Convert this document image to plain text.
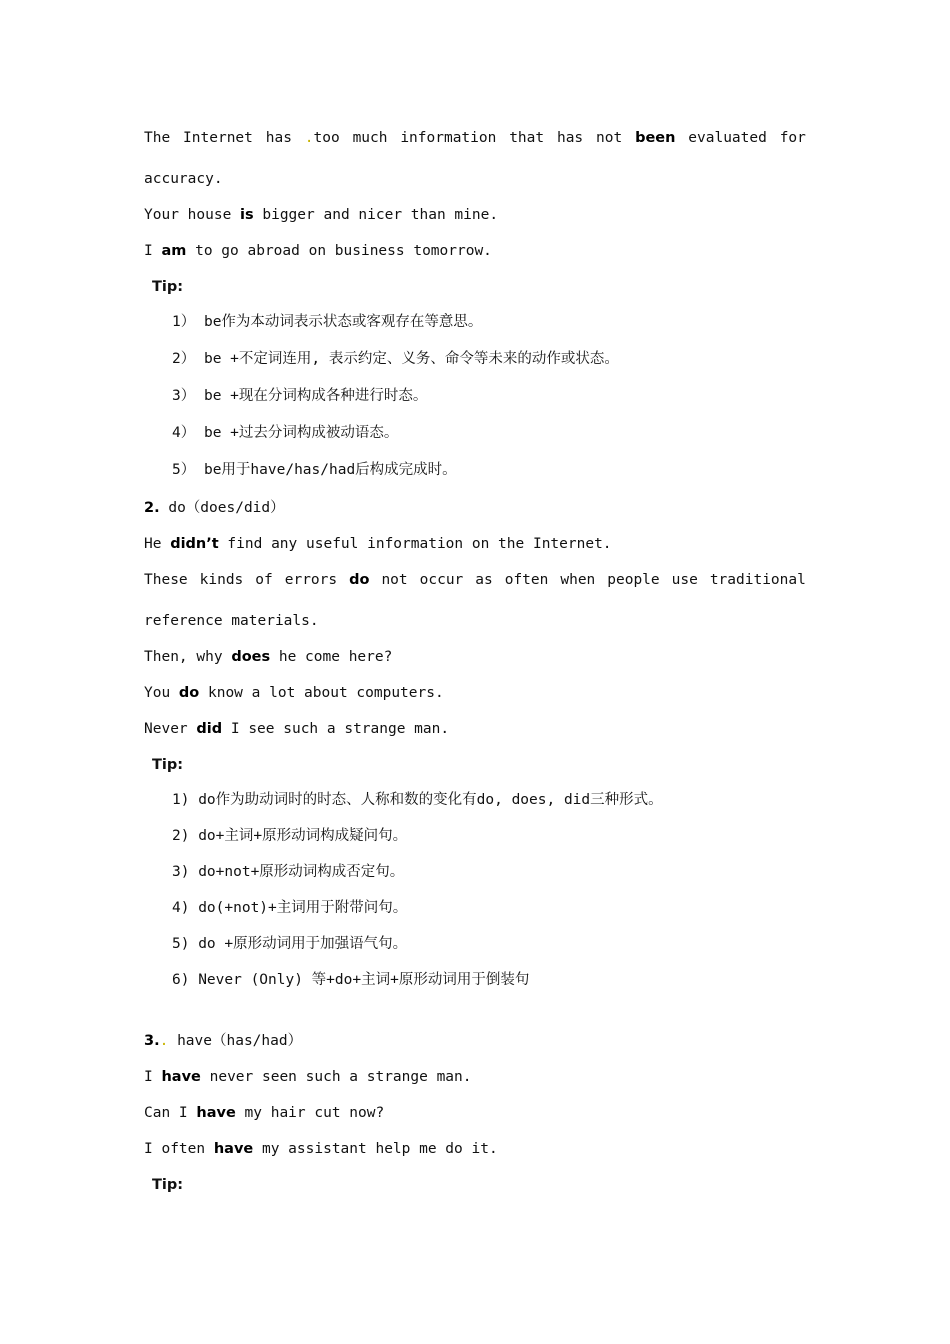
The Internet has .too much information that has not been evaluated for
accuracy.
Your house is bigger and nicer than mine.
I am to go abroad on business tomorrow.
Tip:
1） be作为本动词表示状态或客观存在等意思。
2） be +不定词连用, 表示约定、义务、命令等未来的动作或状态。
3） be +现在分词构成各种进行时态。
4） be +过去分词构成被动语态。
5） be用于have/has/had后构成完成时。
2. do（does/did）
He didn’t find any useful information on the Internet.
These kinds of errors do not occur as often when people use traditional
reference materials.
Then, why does he come here?
You do know a lot about computers.
Never did I see such a strange man.
Tip:
1) do作为助动词时的时态、人称和数的变化有do, does, did三种形式。
2) do+主词+原形动词构成疑问句。
3) do+not+原形动词构成否定句。
4) do(+not)+主词用于附带问句。
5) do +原形动词用于加强语气句。
6) Never (Only) 等+do+主词+原形动词用于倒装句
3.. have（has/had）
I have never seen such a strange man.
Can I have my hair cut now?
I often have my assistant help me do it.
Tip:
